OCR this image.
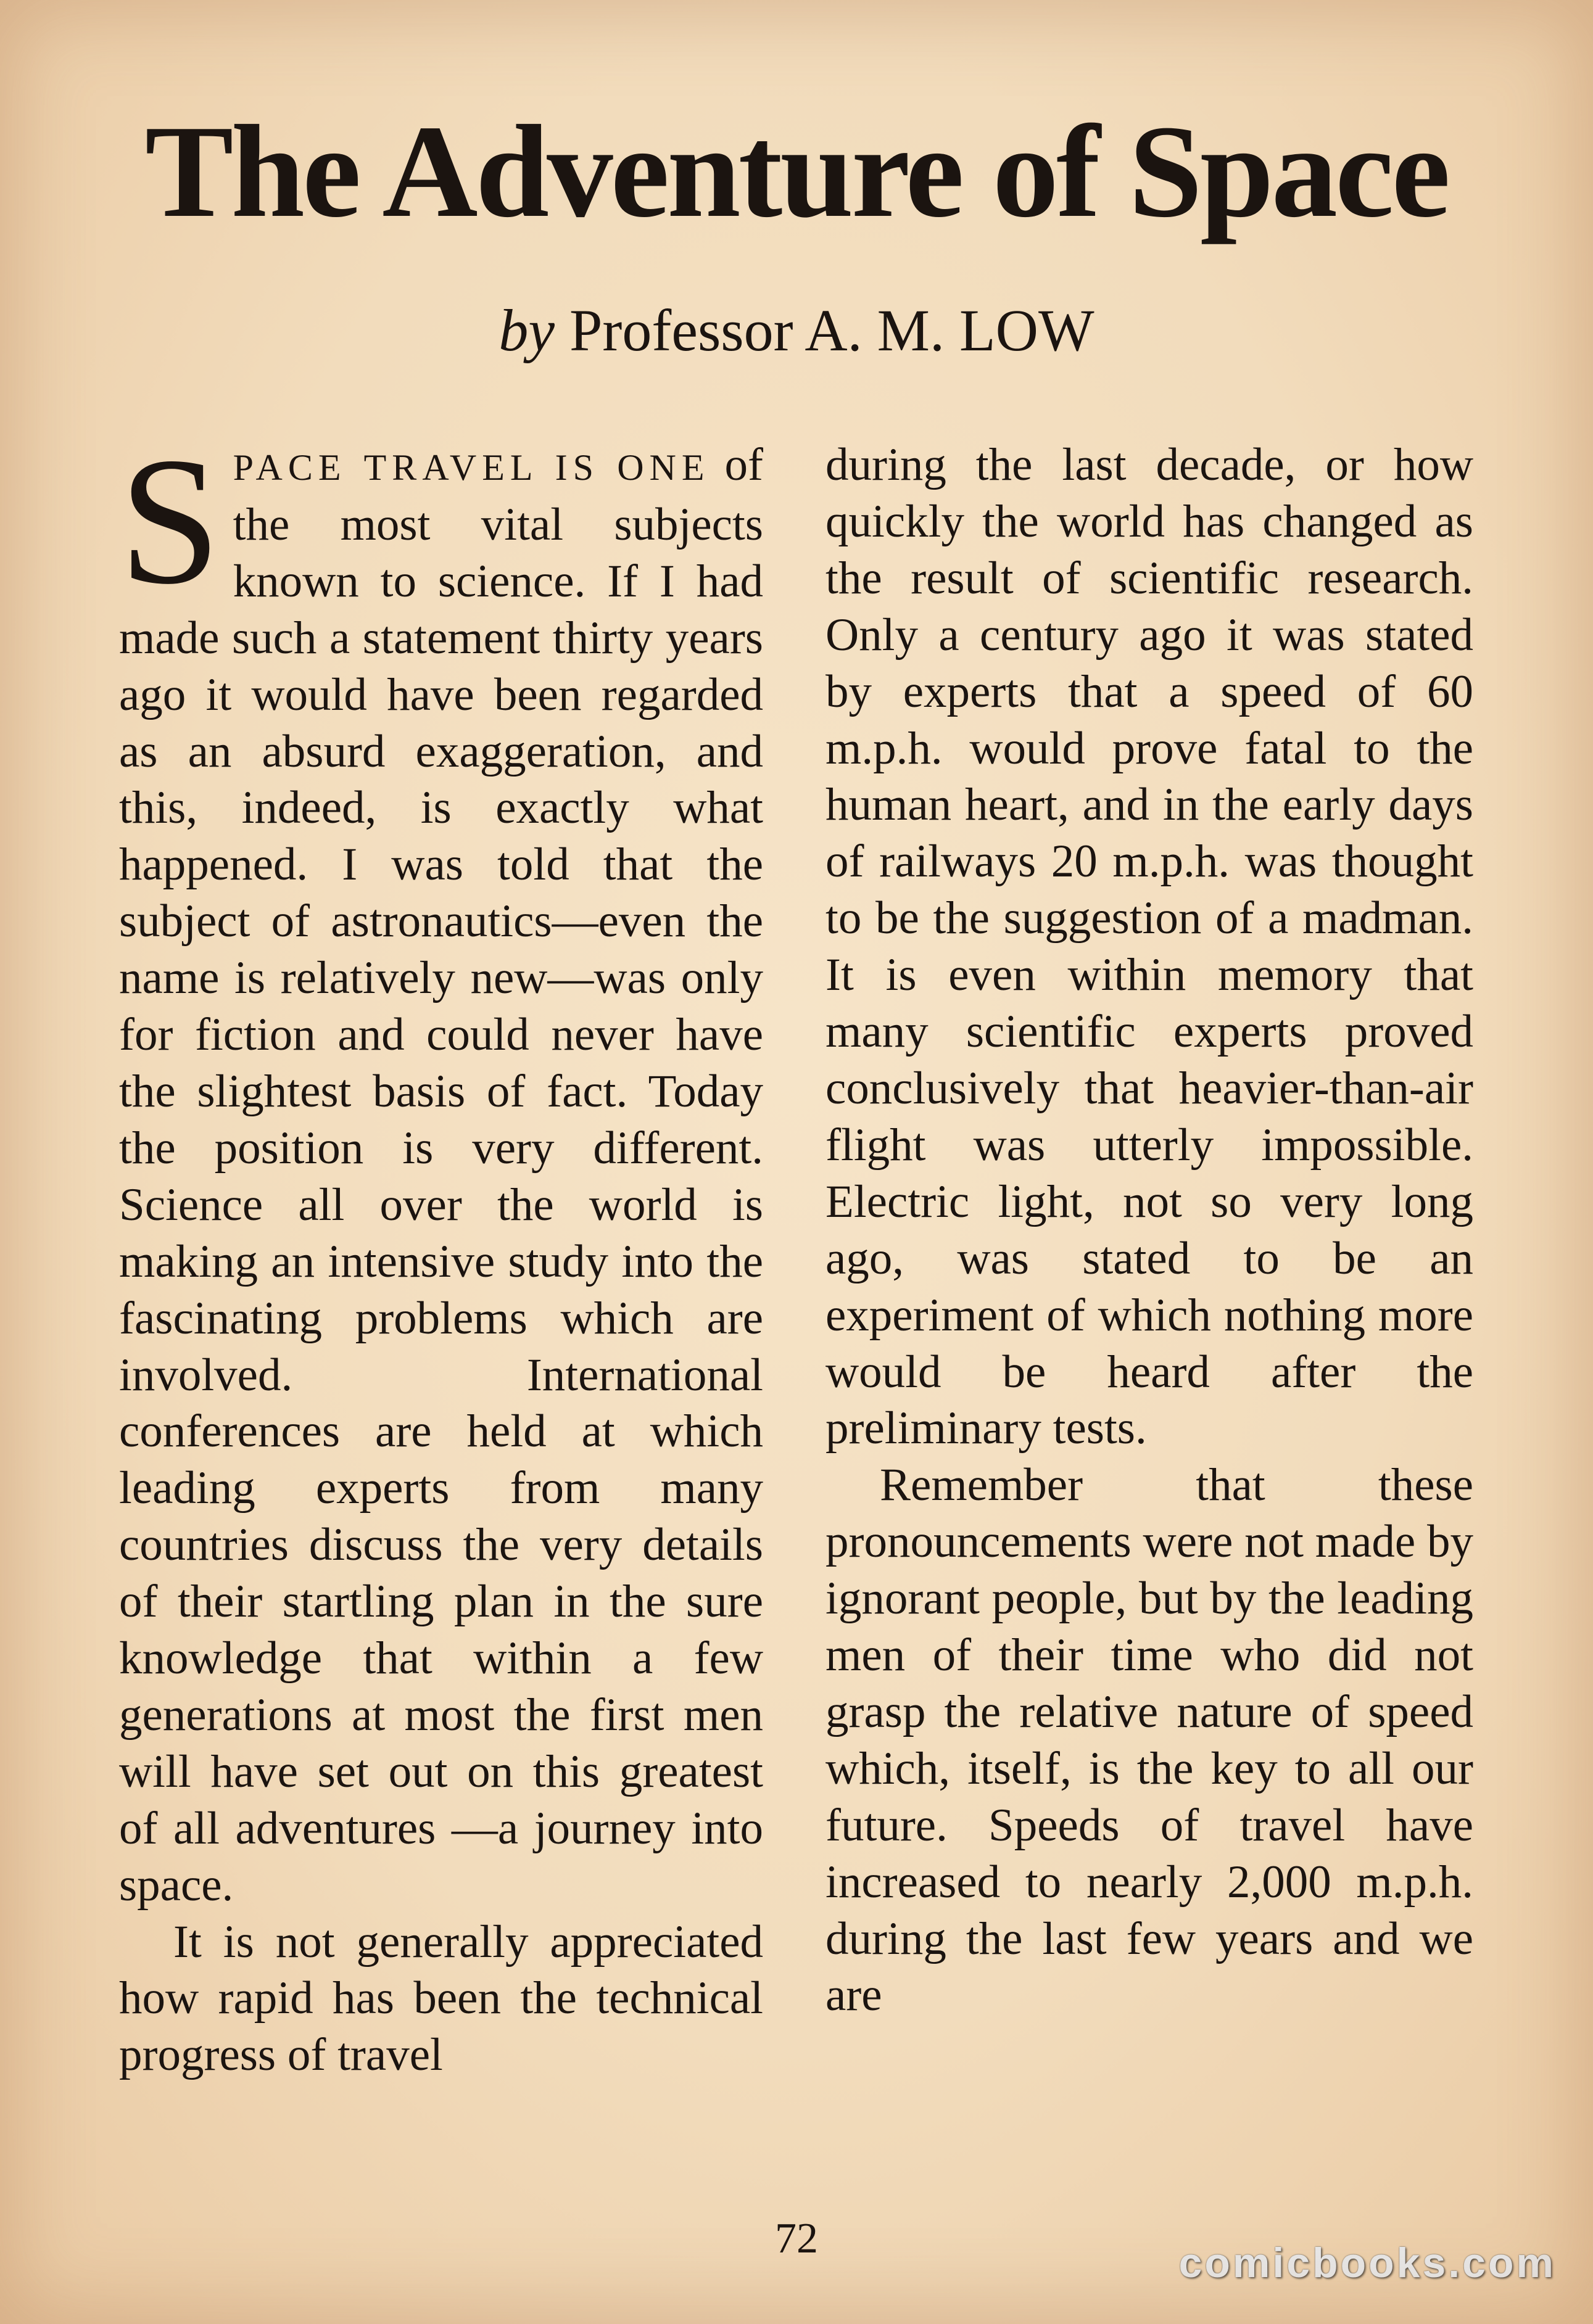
The Adventure of Space
by Professor A. M. LOW

SPACE TRAVEL IS ONE of the most vital subjects known to science. If I had made such a statement thirty years ago it would have been regarded as an absurd exaggeration, and this, indeed, is exactly what happened. I was told that the subject of astronautics—even the name is relatively new—was only for fiction and could never have the slightest basis of fact. Today the position is very different. Science all over the world is making an intensive study into the fascinating problems which are involved. International conferences are held at which leading experts from many countries discuss the very details of their startling plan in the sure knowledge that within a few generations at most the first men will have set out on this greatest of all adventures —a journey into space.

It is not generally appreciated how rapid has been the technical progress of travel

during the last decade, or how quickly the world has changed as the result of scientific research. Only a century ago it was stated by experts that a speed of 60 m.p.h. would prove fatal to the human heart, and in the early days of railways 20 m.p.h. was thought to be the suggestion of a madman. It is even within memory that many scientific experts proved conclusively that heavier-than-air flight was utterly impossible. Electric light, not so very long ago, was stated to be an experiment of which nothing more would be heard after the preliminary tests.

Remember that these pronouncements were not made by ignorant people, but by the leading men of their time who did not grasp the relative nature of speed which, itself, is the key to all our future. Speeds of travel have increased to nearly 2,000 m.p.h. during the last few years and we are

72
comicbooks.com
